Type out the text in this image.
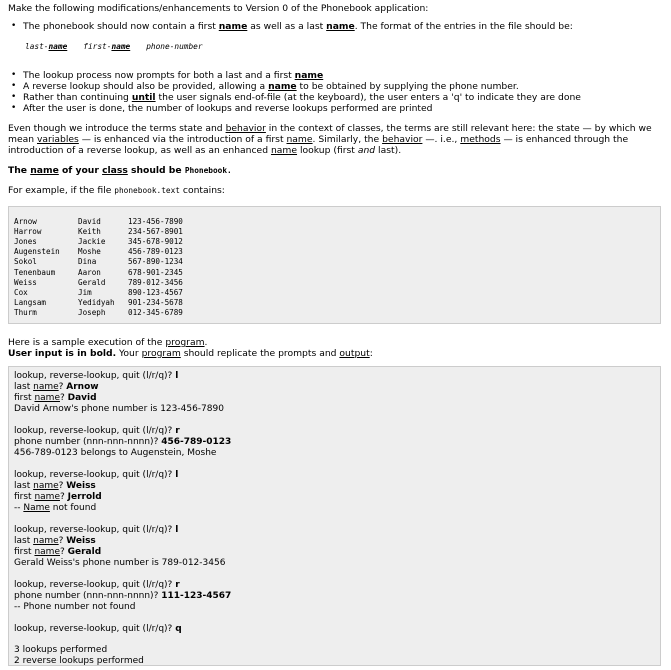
Make the following modifications/enhancements to Version 0 of the Phonebook application:
• The phonebook should now contain a first name as well as a last name. The format of the entries in the file should be:
last-name first-name phone-number
• The lookup process now prompts for both a last and a first name
• A reverse lookup should also be provided, allowing a name to be obtained by supplying the phone number.
• Rather than continuing until the user signals end-of-file (at the keyboard), the user enters a 'q' to indicate they are done
• After the user is done, the number of lookups and reverse lookups performed are printed
Even though we introduce the terms state and behavior in the context of classes, the terms are still relevant here: the state — by which we
mean variables — is enhanced via the introduction of a first name. Similarly, the behavior —. i.e., methods — is enhanced through the
introduction of a reverse lookup, as well as an enhanced name lookup (first and last).
The name of your class should be Phonebook.
For example, if the file phonebook.text contains:
Arnow	David	123-456-7890
Harrow	Keith	234-567-8901
Jones	Jackie	345-678-9012
Augenstein Moshe	456-789-0123
Sokol	Dina	567-890-1234
Tenenbaum	Aaron	678-901-2345
Weiss	Gerald	789-012-3456
Cox	Jim	890-123-4567
Langsam	Yedidyah 901-234-5678
Thurm	Joseph	012-345-6789
Here is a sample execution of the program.
User input is in bold. Your program should replicate the prompts and output:
lookup, reverse-lookup, quit (l/r/q)? l
last name? Arnow
first name? David
David Arnow's phone number is 123-456-7890
lookup, reverse-lookup, quit (l/r/q)? r
phone number (nnn-nnn-nnnn)? 456-789-0123
456-789-0123 belongs to Augenstein, Moshe
lookup, reverse-lookup, quit (l/r/q)? l
last name? Weiss
first name? Jerrold
-- Name not found
lookup, reverse-lookup, quit (l/r/q)? l
last name? Weiss
first name? Gerald
Gerald Weiss's phone number is 789-012-3456
lookup, reverse-lookup, quit (l/r/q)? r
phone number (nnn-nnn-nnnn)? 111-123-4567
-- Phone number not found
lookup, reverse-lookup, quit (l/r/q)? q
3 lookups performed
2 reverse lookups performed
